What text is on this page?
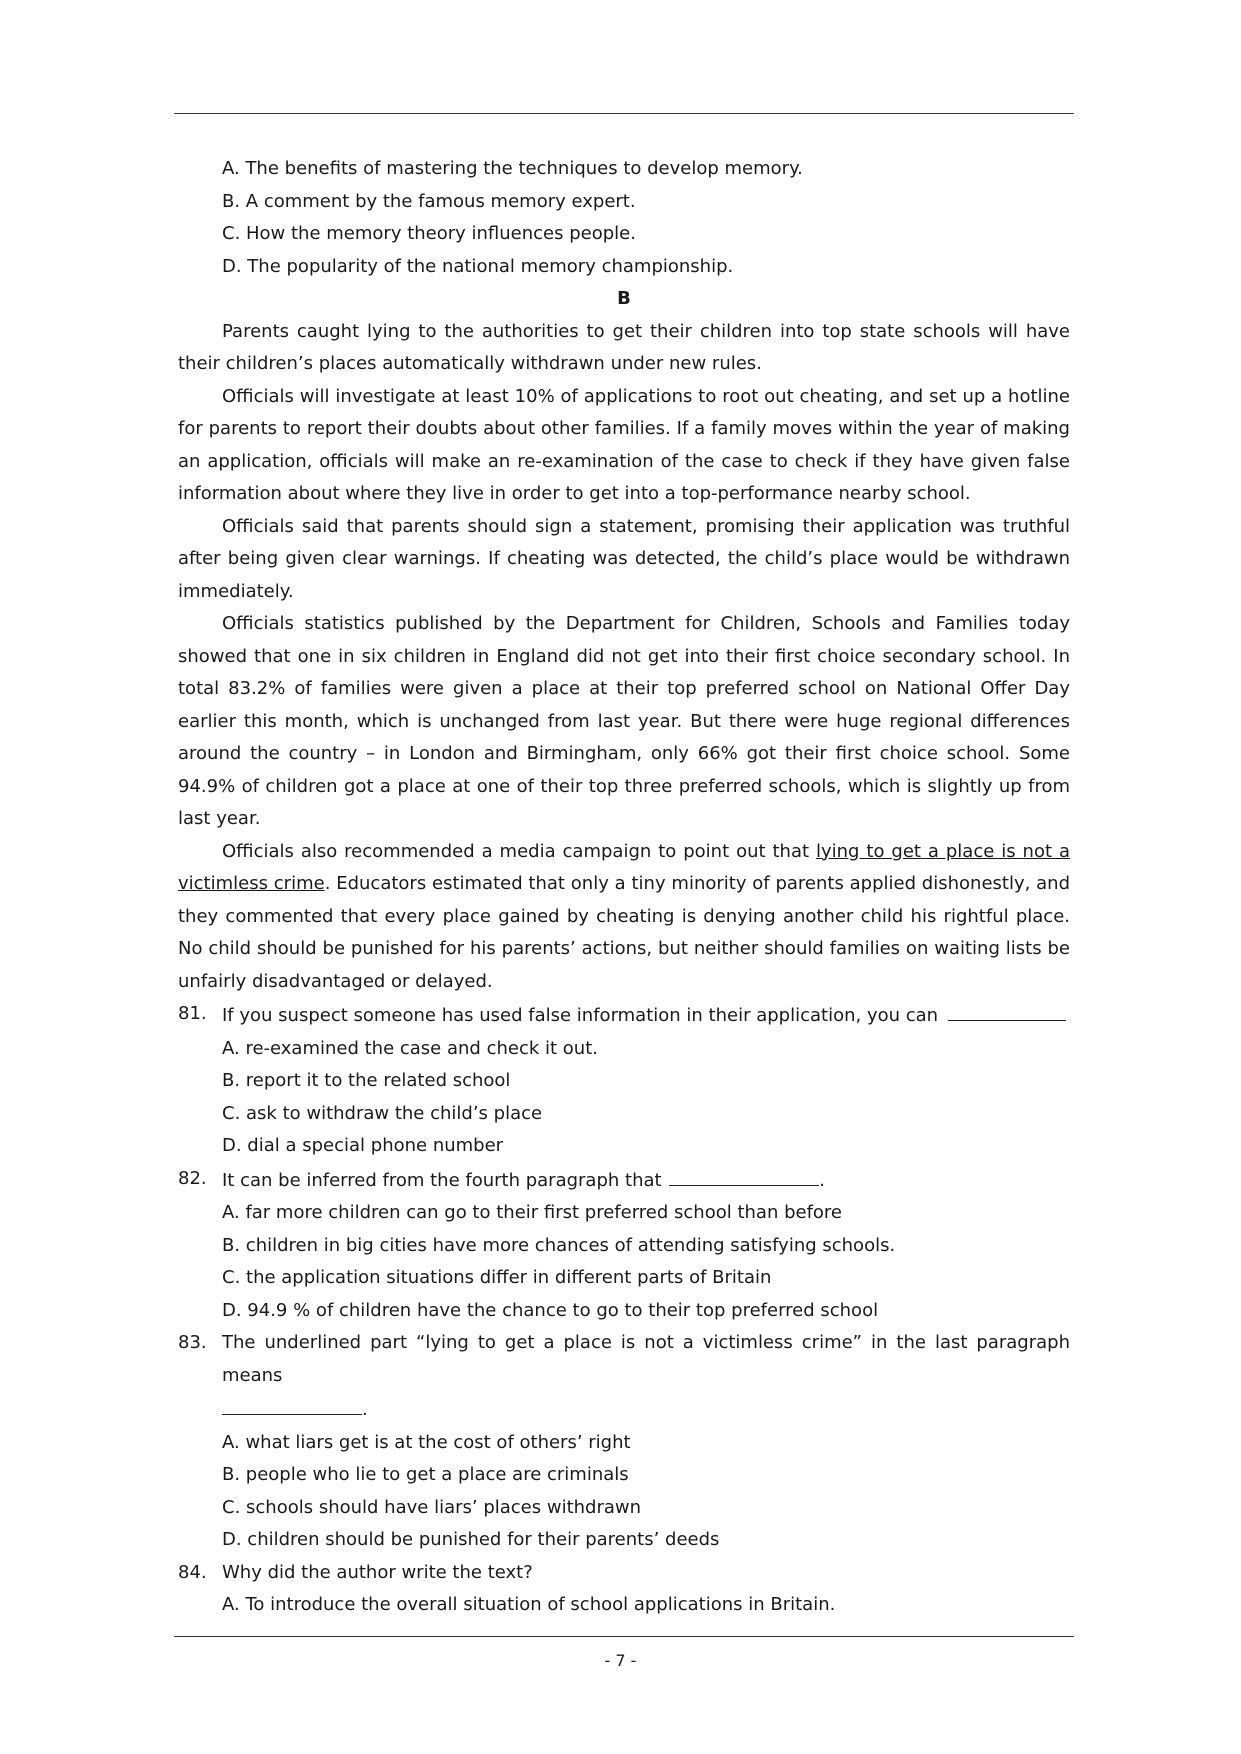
A. The benefits of mastering the techniques to develop memory.
B. A comment by the famous memory expert.
C. How the memory theory influences people.
D. The popularity of the national memory championship.
B
Parents caught lying to the authorities to get their children into top state schools will have their children’s places automatically withdrawn under new rules.
Officials will investigate at least 10% of applications to root out cheating, and set up a hotline for parents to report their doubts about other families. If a family moves within the year of making an application, officials will make an re-examination of the case to check if they have given false information about where they live in order to get into a top-performance nearby school.
Officials said that parents should sign a statement, promising their application was truthful after being given clear warnings. If cheating was detected, the child’s place would be withdrawn immediately.
Officials statistics published by the Department for Children, Schools and Families today showed that one in six children in England did not get into their first choice secondary school. In total 83.2% of families were given a place at their top preferred school on National Offer Day earlier this month, which is unchanged from last year. But there were huge regional differences around the country – in London and Birmingham, only 66% got their first choice school. Some 94.9% of children got a place at one of their top three preferred schools, which is slightly up from last year.
Officials also recommended a media campaign to point out that lying to get a place is not a victimless crime. Educators estimated that only a tiny minority of parents applied dishonestly, and they commented that every place gained by cheating is denying another child his rightful place. No child should be punished for his parents’ actions, but neither should families on waiting lists be unfairly disadvantaged or delayed.
81. If you suspect someone has used false information in their application, you can
A. re-examined the case and check it out.
B. report it to the related school
C. ask to withdraw the child’s place
D. dial a special phone number
82. It can be inferred from the fourth paragraph that	.
A. far more children can go to their first preferred school than before
B. children in big cities have more chances of attending satisfying schools.
C. the application situations differ in different parts of Britain
D. 94.9 % of children have the chance to go to their top preferred school
83. The underlined part “lying to get a place is not a victimless crime” in the last paragraph means
.
A. what liars get is at the cost of others’ right
B. people who lie to get a place are criminals
C. schools should have liars’ places withdrawn
D. children should be punished for their parents’ deeds
84. Why did the author write the text?
A. To introduce the overall situation of school applications in Britain.
- 7 -
